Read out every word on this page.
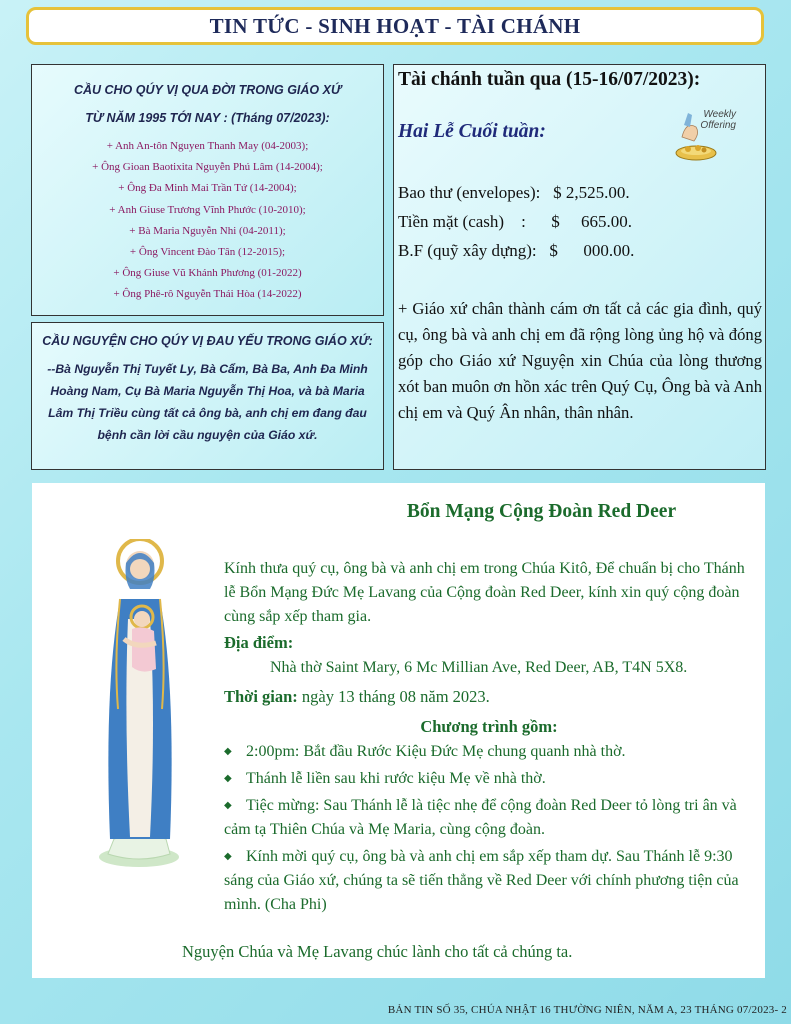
TIN TỨC - SINH HOẠT - TÀI CHÁNH
CẦU CHO QÚY VỊ QUA ĐỜI TRONG GIÁO XỨ
TỪ NĂM 1995 TỚI NAY : (Tháng 07/2023):
+ Anh An-tôn Nguyen Thanh May (04-2003);
+ Ông Gioan Baotixita Nguyễn Phú Lâm (14-2004);
+ Ông Đa Minh Mai Trần Tứ (14-2004);
+ Anh Giuse Trương Vĩnh Phước (10-2010);
+ Bà Maria Nguyễn Nhi (04-2011);
+ Ông Vincent Đào Tân (12-2015);
+ Ông Giuse Vũ Khánh Phương (01-2022)
+ Ông Phê-rô Nguyễn Thái Hòa (14-2022)
CẦU NGUYỆN CHO QÚY VỊ ĐAU YẾU TRONG GIÁO XỨ:
--Bà Nguyễn Thị Tuyết Ly, Bà Cẩm, Bà Ba, Anh Đa Minh Hoàng Nam, Cụ Bà Maria Nguyễn Thị Hoa, và bà Maria Lâm Thị Triều cùng tất cả ông bà, anh chị em đang đau bệnh cần lời cầu nguyện của Giáo xứ.
Tài chánh tuần qua (15-16/07/2023):
Hai Lễ Cuối tuần:
Weekly
Offering
Bao thư (envelopes):   $ 2,525.00.
Tiền mặt (cash)    :      $     665.00.
B.F (quỹ xây dựng):   $      000.00.
+ Giáo xứ chân thành cám ơn tất cả các gia đình, quý cụ, ông bà và anh chị em đã rộng lòng ủng hộ và đóng góp cho Giáo xứ Nguyện xin Chúa của lòng thương xót ban muôn ơn hồn xác trên Quý Cụ, Ông bà và Anh chị em và Quý Ân nhân, thân nhân.
Bổn Mạng Cộng Đoàn Red Deer
Kính thưa quý cụ, ông bà và anh chị em trong Chúa Kitô, Để chuẩn bị cho Thánh lễ Bổn Mạng Đức Mẹ Lavang của Cộng đoàn Red Deer, kính xin quý cộng đoàn cùng sắp xếp tham gia.
Địa điểm:
Nhà thờ Saint Mary, 6 Mc Millian Ave, Red Deer, AB, T4N 5X8.
Thời gian: ngày 13 tháng 08 năm 2023.
Chương trình gồm:
◆ 2:00pm: Bắt đầu Rước Kiệu Đức Mẹ chung quanh nhà thờ.
◆ Thánh lễ liền sau khi rước kiệu Mẹ về nhà thờ.
◆ Tiệc mừng: Sau Thánh lễ là tiệc nhẹ để cộng đoàn Red Deer tỏ lòng tri ân và cảm tạ Thiên Chúa và Mẹ Maria, cùng cộng đoàn.
◆ Kính mời quý cụ, ông bà và anh chị em sắp xếp tham dự. Sau Thánh lễ 9:30 sáng của Giáo xứ, chúng ta sẽ tiến thẳng về Red Deer với chính phương tiện của mình. (Cha Phi)
Nguyện Chúa và Mẹ Lavang chúc lành cho tất cả chúng ta.
BẢN TIN SỐ 35, CHÚA NHẬT 16 THƯỜNG NIÊN, NĂM A, 23 THÁNG 07/2023- 2
